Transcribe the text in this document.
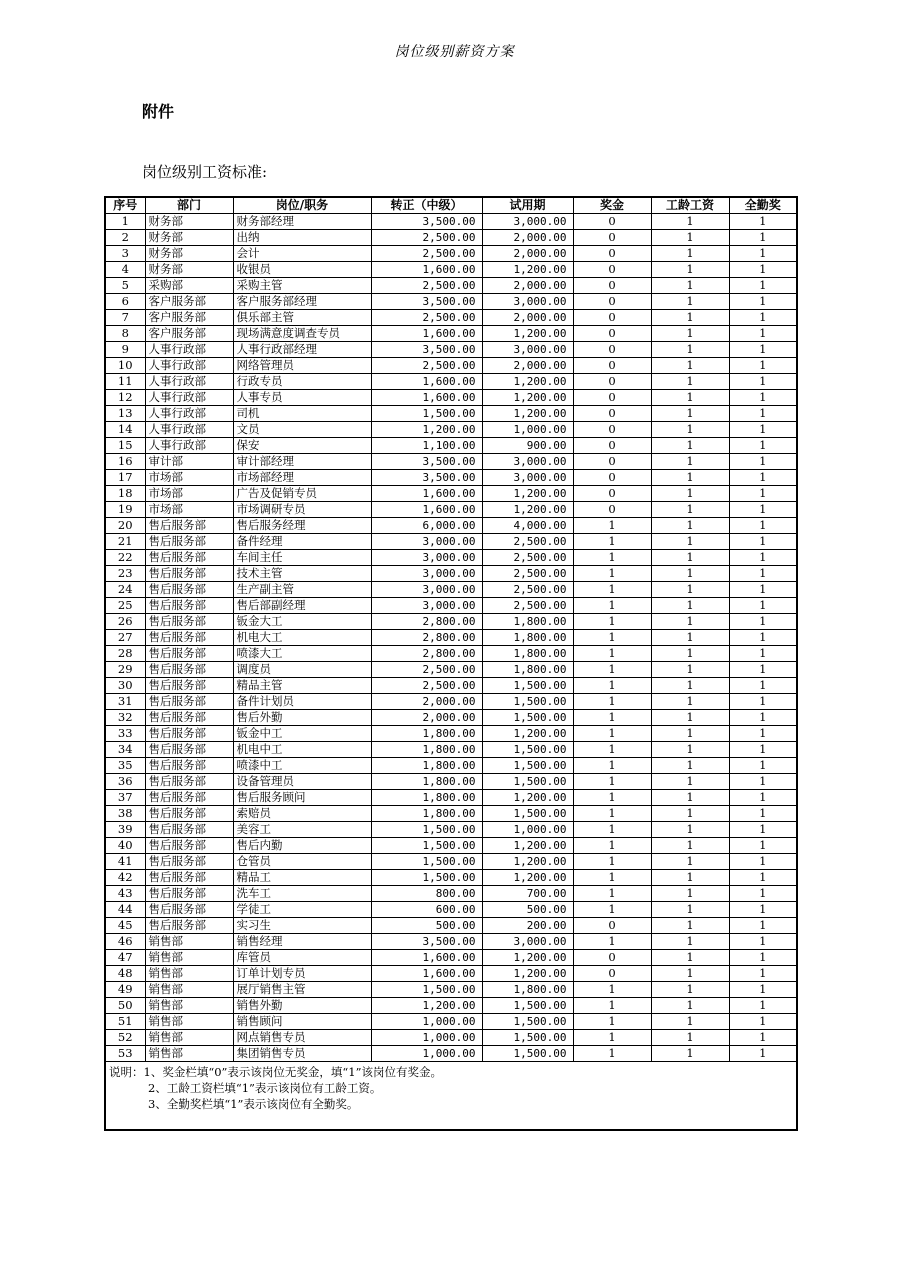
岗位级别薪资方案
附件
岗位级别工资标准:
序号	部门	岗位/职务	转正（中级）	试用期	奖金	工龄工资	全勤奖
1	财务部	财务部经理	3,500.00	3,000.00	0	1	1
2	财务部	出纳	2,500.00	2,000.00	0	1	1
3	财务部	会计	2,500.00	2,000.00	0	1	1
4	财务部	收银员	1,600.00	1,200.00	0	1	1
5	采购部	采购主管	2,500.00	2,000.00	0	1	1
6	客户服务部	客户服务部经理	3,500.00	3,000.00	0	1	1
7	客户服务部	俱乐部主管	2,500.00	2,000.00	0	1	1
8	客户服务部	现场满意度调查专员	1,600.00	1,200.00	0	1	1
9	人事行政部	人事行政部经理	3,500.00	3,000.00	0	1	1
10	人事行政部	网络管理员	2,500.00	2,000.00	0	1	1
11	人事行政部	行政专员	1,600.00	1,200.00	0	1	1
12	人事行政部	人事专员	1,600.00	1,200.00	0	1	1
13	人事行政部	司机	1,500.00	1,200.00	0	1	1
14	人事行政部	文员	1,200.00	1,000.00	0	1	1
15	人事行政部	保安	1,100.00	900.00	0	1	1
16	审计部	审计部经理	3,500.00	3,000.00	0	1	1
17	市场部	市场部经理	3,500.00	3,000.00	0	1	1
18	市场部	广告及促销专员	1,600.00	1,200.00	0	1	1
19	市场部	市场调研专员	1,600.00	1,200.00	0	1	1
20	售后服务部	售后服务经理	6,000.00	4,000.00	1	1	1
21	售后服务部	备件经理	3,000.00	2,500.00	1	1	1
22	售后服务部	车间主任	3,000.00	2,500.00	1	1	1
23	售后服务部	技术主管	3,000.00	2,500.00	1	1	1
24	售后服务部	生产副主管	3,000.00	2,500.00	1	1	1
25	售后服务部	售后部副经理	3,000.00	2,500.00	1	1	1
26	售后服务部	钣金大工	2,800.00	1,800.00	1	1	1
27	售后服务部	机电大工	2,800.00	1,800.00	1	1	1
28	售后服务部	喷漆大工	2,800.00	1,800.00	1	1	1
29	售后服务部	调度员	2,500.00	1,800.00	1	1	1
30	售后服务部	精品主管	2,500.00	1,500.00	1	1	1
31	售后服务部	备件计划员	2,000.00	1,500.00	1	1	1
32	售后服务部	售后外勤	2,000.00	1,500.00	1	1	1
33	售后服务部	钣金中工	1,800.00	1,200.00	1	1	1
34	售后服务部	机电中工	1,800.00	1,500.00	1	1	1
35	售后服务部	喷漆中工	1,800.00	1,500.00	1	1	1
36	售后服务部	设备管理员	1,800.00	1,500.00	1	1	1
37	售后服务部	售后服务顾问	1,800.00	1,200.00	1	1	1
38	售后服务部	索赔员	1,800.00	1,500.00	1	1	1
39	售后服务部	美容工	1,500.00	1,000.00	1	1	1
40	售后服务部	售后内勤	1,500.00	1,200.00	1	1	1
41	售后服务部	仓管员	1,500.00	1,200.00	1	1	1
42	售后服务部	精品工	1,500.00	1,200.00	1	1	1
43	售后服务部	洗车工	800.00	700.00	1	1	1
44	售后服务部	学徒工	600.00	500.00	1	1	1
45	售后服务部	实习生	500.00	200.00	0	1	1
46	销售部	销售经理	3,500.00	3,000.00	1	1	1
47	销售部	库管员	1,600.00	1,200.00	0	1	1
48	销售部	订单计划专员	1,600.00	1,200.00	0	1	1
49	销售部	展厅销售主管	1,500.00	1,800.00	1	1	1
50	销售部	销售外勤	1,200.00	1,500.00	1	1	1
51	销售部	销售顾问	1,000.00	1,500.00	1	1	1
52	销售部	网点销售专员	1,000.00	1,500.00	1	1	1
53	销售部	集团销售专员	1,000.00	1,500.00	1	1	1

说明：1、奖金栏填“0”表示该岗位无奖金，填“1”该岗位有奖金。
2、工龄工资栏填“1”表示该岗位有工龄工资。
3、全勤奖栏填“1”表示该岗位有全勤奖。							
